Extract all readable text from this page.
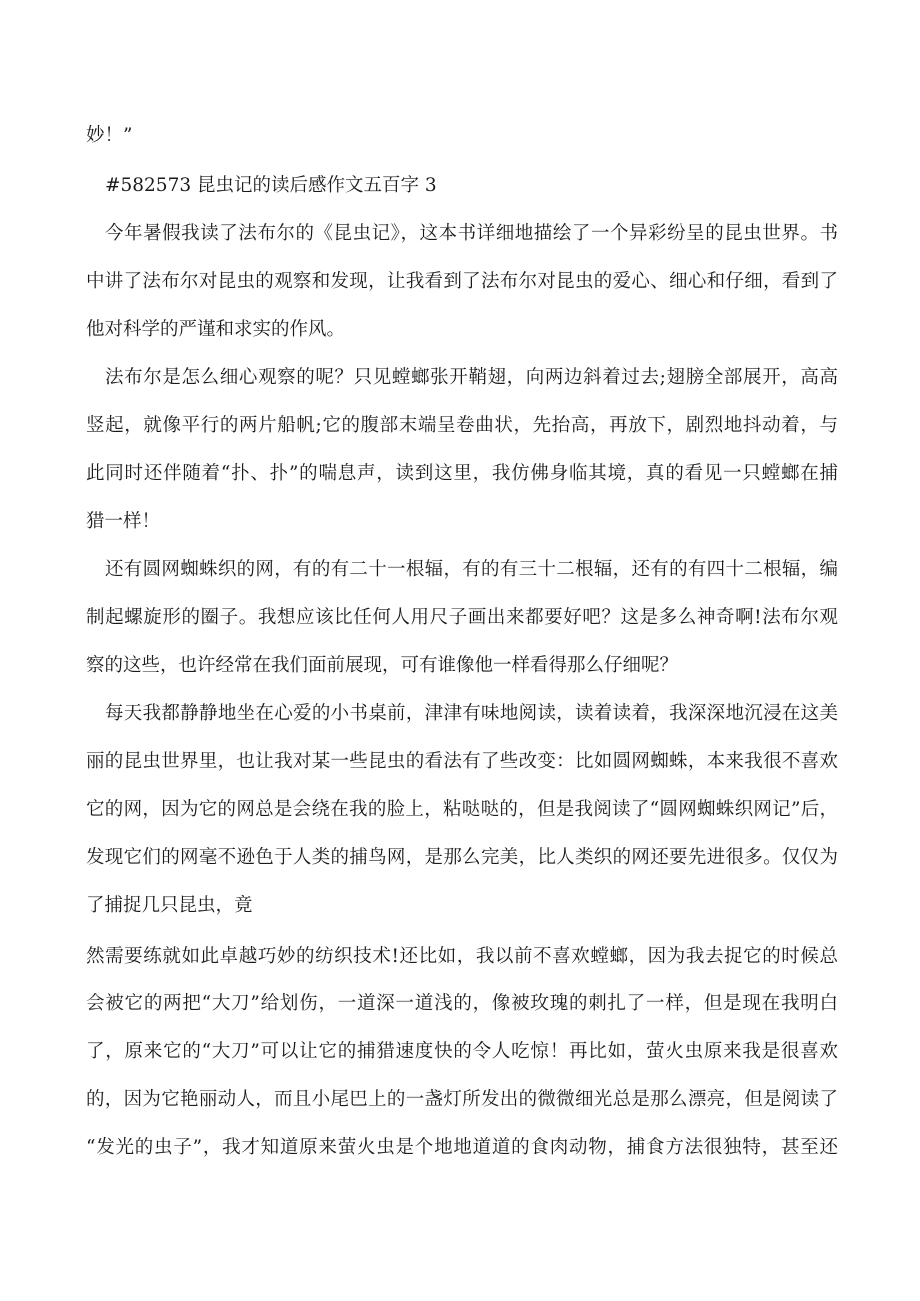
妙！”
#582573 昆虫记的读后感作文五百字 3
今年暑假我读了法布尔的《昆虫记》，这本书详细地描绘了一个异彩纷呈的昆虫世界。书
中讲了法布尔对昆虫的观察和发现，让我看到了法布尔对昆虫的爱心、细心和仔细，看到了
他对科学的严谨和求实的作风。
法布尔是怎么细心观察的呢？只见螳螂张开鞘翅，向两边斜着过去;翅膀全部展开，高高
竖起，就像平行的两片船帆;它的腹部末端呈卷曲状，先抬高，再放下，剧烈地抖动着，与
此同时还伴随着“扑、扑”的喘息声，读到这里，我仿佛身临其境，真的看见一只螳螂在捕
猎一样！
还有圆网蜘蛛织的网，有的有二十一根辐，有的有三十二根辐，还有的有四十二根辐，编
制起螺旋形的圈子。我想应该比任何人用尺子画出来都要好吧？这是多么神奇啊!法布尔观
察的这些，也许经常在我们面前展现，可有谁像他一样看得那么仔细呢？
每天我都静静地坐在心爱的小书桌前，津津有味地阅读，读着读着，我深深地沉浸在这美
丽的昆虫世界里，也让我对某一些昆虫的看法有了些改变：比如圆网蜘蛛，本来我很不喜欢
它的网，因为它的网总是会绕在我的脸上，粘哒哒的，但是我阅读了“圆网蜘蛛织网记”后，
发现它们的网毫不逊色于人类的捕鸟网，是那么完美，比人类织的网还要先进很多。仅仅为
了捕捉几只昆虫，竟
然需要练就如此卓越巧妙的纺织技术!还比如，我以前不喜欢螳螂，因为我去捉它的时候总
会被它的两把“大刀”给划伤，一道深一道浅的，像被玫瑰的刺扎了一样，但是现在我明白
了，原来它的“大刀”可以让它的捕猎速度快的令人吃惊！再比如，萤火虫原来我是很喜欢
的，因为它艳丽动人，而且小尾巴上的一盏灯所发出的微微细光总是那么漂亮，但是阅读了
“发光的虫子”，我才知道原来萤火虫是个地地道道的食肉动物，捕食方法很独特，甚至还
